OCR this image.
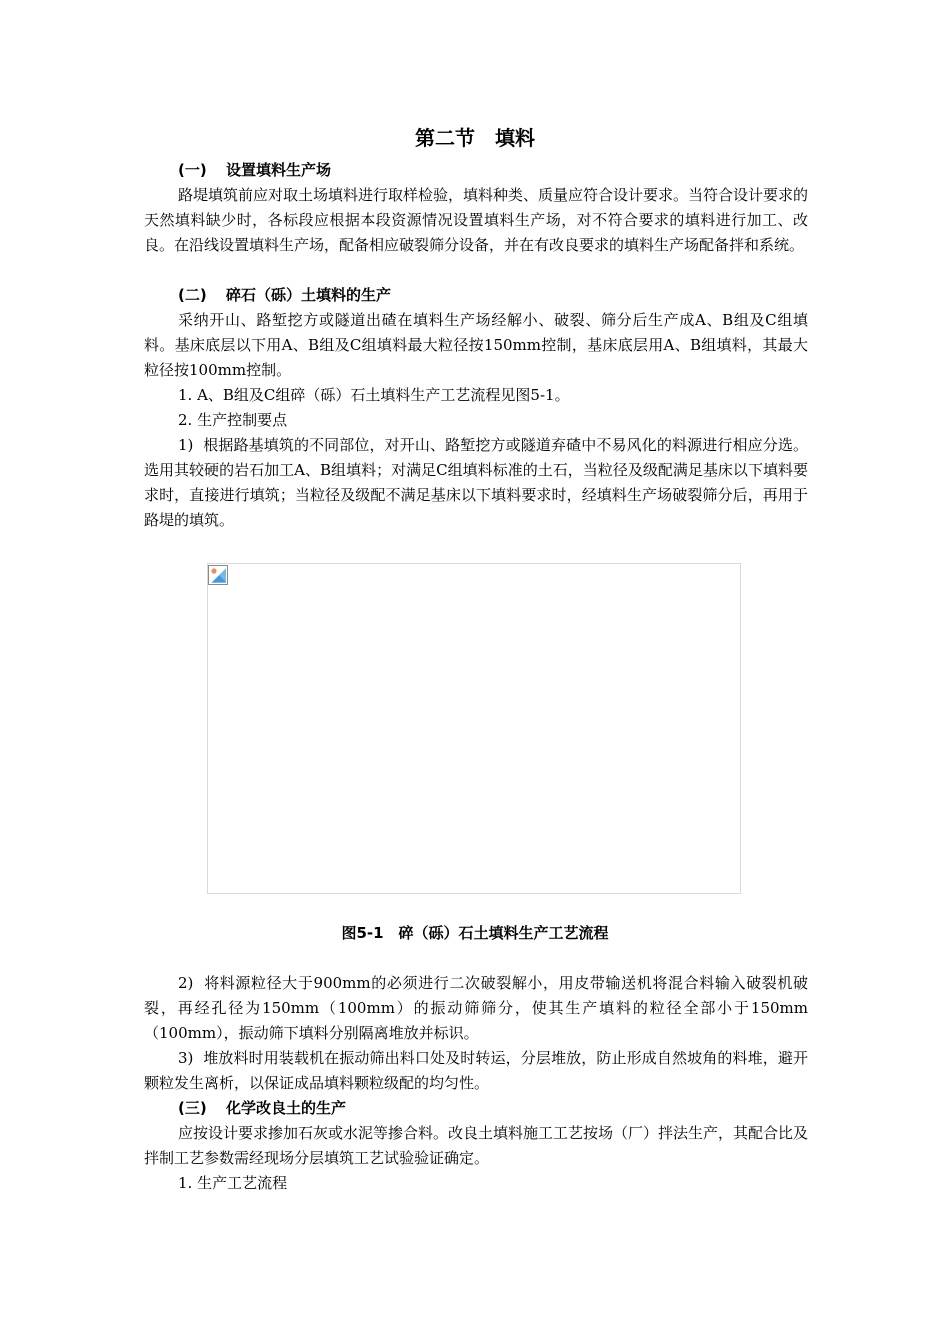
第二节　填料

(一) 设置填料生产场

路堤填筑前应对取土场填料进行取样检验，填料种类、质量应符合设计要求。当符合设计要求的天然填料缺少时，各标段应根据本段资源情况设置填料生产场，对不符合要求的填料进行加工、改良。在沿线设置填料生产场，配备相应破裂筛分设备，并在有改良要求的填料生产场配备拌和系统。

(二) 碎石（砾）土填料的生产

采纳开山、路堑挖方或隧道出碴在填料生产场经解小、破裂、筛分后生产成A、B组及C组填料。基床底层以下用A、B组及C组填料最大粒径按150mm控制，基床底层用A、B组填料，其最大粒径按100mm控制。

1. A、B组及C组碎（砾）石土填料生产工艺流程见图5-1。

2. 生产控制要点

1) 根据路基填筑的不同部位，对开山、路堑挖方或隧道弃碴中不易风化的料源进行相应分选。选用其较硬的岩石加工A、B组填料；对满足C组填料标准的土石，当粒径及级配满足基床以下填料要求时，直接进行填筑；当粒径及级配不满足基床以下填料要求时，经填料生产场破裂筛分后，再用于路堤的填筑。

图5-1　碎（砾）石土填料生产工艺流程

2) 将料源粒径大于900mm的必须进行二次破裂解小，用皮带输送机将混合料输入破裂机破裂，再经孔径为150mm（100mm）的振动筛筛分，使其生产填料的粒径全部小于150mm（100mm），振动筛下填料分别隔离堆放并标识。

3) 堆放料时用装载机在振动筛出料口处及时转运，分层堆放，防止形成自然坡角的料堆，避开颗粒发生离析，以保证成品填料颗粒级配的均匀性。

(三) 化学改良土的生产

应按设计要求掺加石灰或水泥等掺合料。改良土填料施工工艺按场（厂）拌法生产，其配合比及拌制工艺参数需经现场分层填筑工艺试验验证确定。

1. 生产工艺流程
